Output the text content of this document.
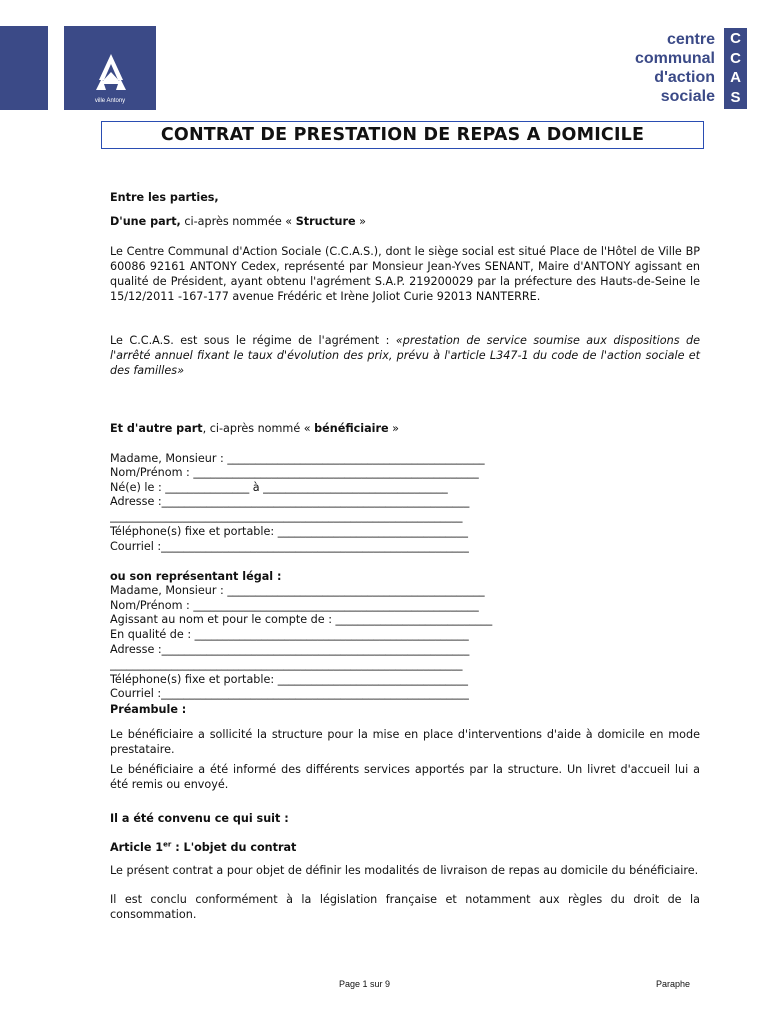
ville Antony
centre
communal
d'action
sociale
C
C
A
S
CONTRAT DE PRESTATION DE REPAS A DOMICILE

Entre les parties,

D'une part, ci-après nommée « Structure »

Le Centre Communal d'Action Sociale (C.C.A.S.), dont le siège social est situé Place de l'Hôtel de Ville BP 60086 92161 ANTONY Cedex, représenté par Monsieur Jean-Yves SENANT, Maire d'ANTONY agissant en qualité de Président, ayant obtenu l'agrément S.A.P. 219200029 par la préfecture des Hauts-de-Seine le 15/12/2011 -167-177 avenue Frédéric et Irène Joliot Curie 92013 NANTERRE.

Le C.C.A.S. est sous le régime de l'agrément : «prestation de service soumise aux dispositions de l'arrêté annuel fixant le taux d'évolution des prix, prévu à l'article L347-1 du code de l'action sociale et des familles»

Et d'autre part, ci-après nommé « bénéficiaire »

Madame, Monsieur : ______________________________________________
Nom/Prénom : ___________________________________________________
Né(e) le : _______________ à _________________________________
Adresse :_______________________________________________________
_______________________________________________________________
Téléphone(s) fixe et portable: __________________________________
Courriel :_______________________________________________________

ou son représentant légal :

Madame, Monsieur : ______________________________________________
Nom/Prénom : ___________________________________________________
Agissant au nom et pour le compte de : ____________________________
En qualité de : _________________________________________________
Adresse :_______________________________________________________
_______________________________________________________________
Téléphone(s) fixe et portable: __________________________________
Courriel :_______________________________________________________

Préambule :

Le bénéficiaire a sollicité la structure pour la mise en place d'interventions d'aide à domicile en mode prestataire.

Le bénéficiaire a été informé des différents services apportés par la structure. Un livret d'accueil lui a été remis ou envoyé.

Il a été convenu ce qui suit :

Article 1er : L'objet du contrat

Le présent contrat a pour objet de définir les modalités de livraison de repas au domicile du bénéficiaire.

Il est conclu conformément à la législation française et notamment aux règles du droit de la consommation.

Page 1 sur 9	Paraphe
